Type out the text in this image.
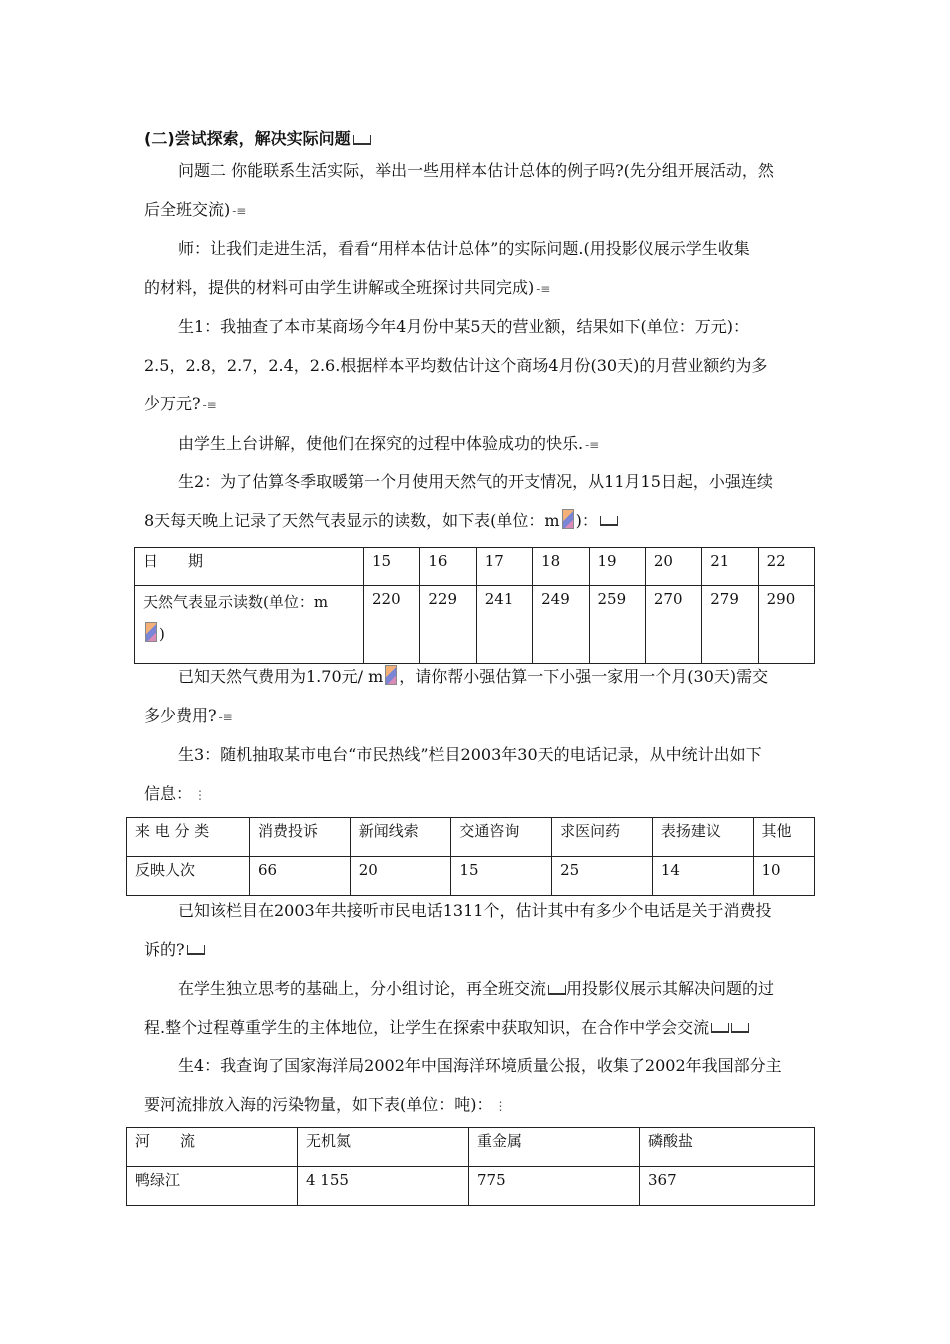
(二)尝试探索，解决实际问题

问题二 你能联系生活实际，举出一些用样本估计总体的例子吗?(先分组开展活动，然
后全班交流) -≡

师：让我们走进生活，看看“用样本估计总体”的实际问题.(用投影仪展示学生收集
的材料，提供的材料可由学生讲解或全班探讨共同完成) -≡

生1：我抽查了本市某商场今年4月份中某5天的营业额，结果如下(单位：万元)：
2.5，2.8，2.7，2.4，2.6.根据样本平均数估计这个商场4月份(30天)的月营业额约为多
少万元? -≡

由学生上台讲解，使他们在探究的过程中体验成功的快乐. -≡

生2：为了估算冬季取暖第一个月使用天然气的开支情况，从11月15日起，小强连续
8天每天晚上记录了天然气表显示的读数，如下表(单位：m )：

日　　期	15	16	17	18	19	20	21	22
天然气表显示读数(单位：m
)	220	229	241	249	259	270	279	290

已知天然气费用为1.70元/ m ，请你帮小强估算一下小强一家用一个月(30天)需交
多少费用? -≡

生3：随机抽取某市电台“市民热线”栏目2003年30天的电话记录，从中统计出如下
信息： ⋮

来 电 分 类	消费投诉	新闻线索	交通咨询	求医问药	表扬建议	其他
反映人次	66	20	15	25	14	10

已知该栏目在2003年共接听市民电话1311个，估计其中有多少个电话是关于消费投
诉的?

在学生独立思考的基础上，分小组讨论，再全班交流 用投影仪展示其解决问题的过
程.整个过程尊重学生的主体地位，让学生在探索中获取知识，在合作中学会交流

生4：我查询了国家海洋局2002年中国海洋环境质量公报，收集了2002年我国部分主
要河流排放入海的污染物量，如下表(单位：吨)： ⋮

河　　流	无机氮	重金属	磷酸盐
鸭绿江	4 155	775	367
